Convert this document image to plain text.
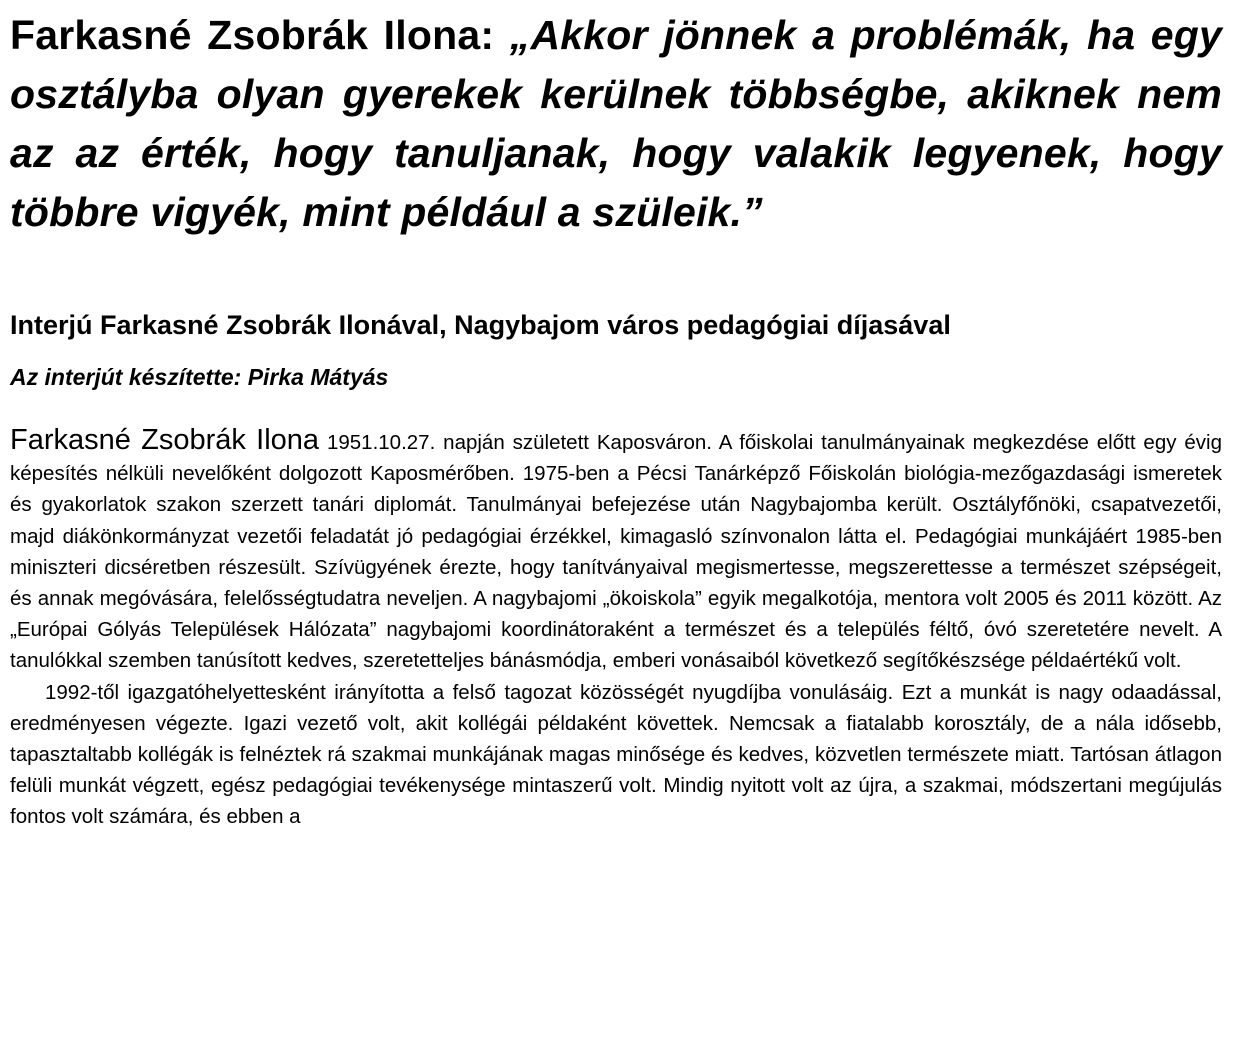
Farkasné Zsobrák Ilona: „Akkor jönnek a problémák, ha egy osztályba olyan gyerekek kerülnek többségbe, akiknek nem az az érték, hogy tanuljanak, hogy valakik legyenek, hogy többre vigyék, mint például a szüleik.”
Interjú Farkasné Zsobrák Ilonával, Nagybajom város pedagógiai díjasával
Az interjút készítette: Pirka Mátyás

Farkasné Zsobrák Ilona 1951.10.27. napján született Kaposváron. A főiskolai tanulmányainak megkezdése előtt egy évig képesítés nélküli nevelőként dolgozott Kaposmérőben. 1975-ben a Pécsi Tanárképző Főiskolán biológia-mezőgazdasági ismeretek és gyakorlatok szakon szerzett tanári diplomát. Tanulmányai befejezése után Nagybajomba került. Osztályfőnöki, csapatvezetői, majd diákönkormányzat vezetői feladatát jó pedagógiai érzékkel, kimagasló színvonalon látta el. Pedagógiai munkájáért 1985-ben miniszteri dicséretben részesült. Szívügyének érezte, hogy tanítványaival megismertesse, megszerettesse a természet szépségeit, és annak megóvására, felelősségtudatra neveljen. A nagybajomi „ökoiskola” egyik megalkotója, mentora volt 2005 és 2011 között. Az „Európai Gólyás Települések Hálózata” nagybajomi koordinátoraként a természet és a település féltő, óvó szeretetére nevelt. A tanulókkal szemben tanúsított kedves, szeretetteljes bánásmódja, emberi vonásaiból következő segítőkészsége példaértékű volt.

1992-től igazgatóhelyettesként irányította a felső tagozat közösségét nyugdíjba vonulásáig. Ezt a munkát is nagy odaadással, eredményesen végezte. Igazi vezető volt, akit kollégái példaként követtek. Nemcsak a fiatalabb korosztály, de a nála idősebb, tapasztaltabb kollégák is felnéztek rá szakmai munkájának magas minősége és kedves, közvetlen természete miatt. Tartósan átlagon felüli munkát végzett, egész pedagógiai tevékenysége mintaszerű volt. Mindig nyitott volt az újra, a szakmai, módszertani megújulás fontos volt számára, és ebben a
